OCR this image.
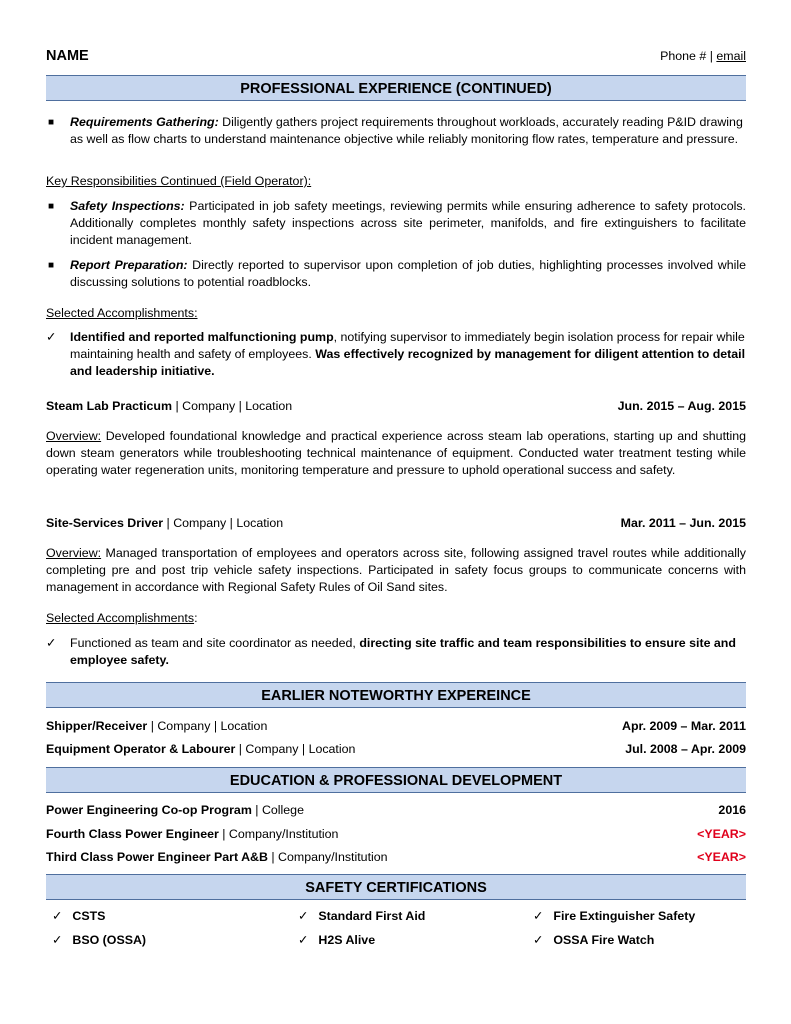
NAME	Phone # | email
PROFESSIONAL EXPERIENCE (CONTINUED)
■ Requirements Gathering: Diligently gathers project requirements throughout workloads, accurately reading P&ID drawing as well as flow charts to understand maintenance objective while reliably monitoring flow rates, temperature and pressure.
Key Responsibilities Continued (Field Operator):
■ Safety Inspections: Participated in job safety meetings, reviewing permits while ensuring adherence to safety protocols. Additionally completes monthly safety inspections across site perimeter, manifolds, and fire extinguishers to facilitate incident management.
■ Report Preparation: Directly reported to supervisor upon completion of job duties, highlighting processes involved while discussing solutions to potential roadblocks.
Selected Accomplishments:
✓ Identified and reported malfunctioning pump, notifying supervisor to immediately begin isolation process for repair while maintaining health and safety of employees. Was effectively recognized by management for diligent attention to detail and leadership initiative.
Steam Lab Practicum | Company | Location	Jun. 2015 – Aug. 2015
Overview: Developed foundational knowledge and practical experience across steam lab operations, starting up and shutting down steam generators while troubleshooting technical maintenance of equipment. Conducted water treatment testing while operating water regeneration units, monitoring temperature and pressure to uphold operational success and safety.
Site-Services Driver | Company | Location	Mar. 2011 – Jun. 2015
Overview: Managed transportation of employees and operators across site, following assigned travel routes while additionally completing pre and post trip vehicle safety inspections. Participated in safety focus groups to communicate concerns with management in accordance with Regional Safety Rules of Oil Sand sites.
Selected Accomplishments:
✓ Functioned as team and site coordinator as needed, directing site traffic and team responsibilities to ensure site and employee safety.
EARLIER NOTEWORTHY EXPEREINCE
Shipper/Receiver | Company | Location	Apr. 2009 – Mar. 2011
Equipment Operator & Labourer | Company | Location	Jul. 2008 – Apr. 2009
EDUCATION & PROFESSIONAL DEVELOPMENT
Power Engineering Co-op Program | College	2016
Fourth Class Power Engineer | Company/Institution	<YEAR>
Third Class Power Engineer Part A&B | Company/Institution	<YEAR>
SAFETY CERTIFICATIONS
✓ CSTS	✓ Standard First Aid	✓ Fire Extinguisher Safety
✓ BSO (OSSA)	✓ H2S Alive	✓ OSSA Fire Watch
